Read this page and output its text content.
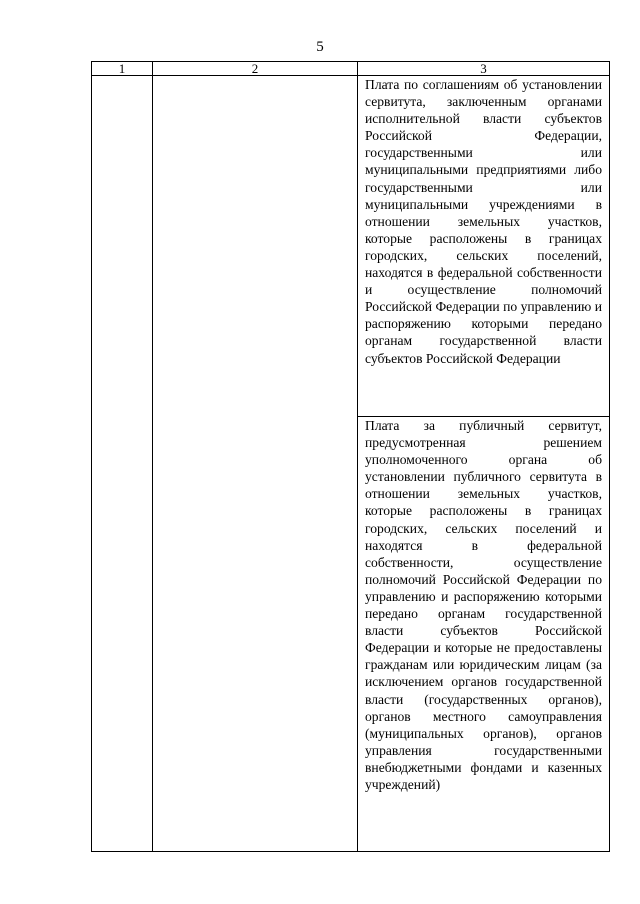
5
1	2	3
		Плата по соглашениям об установлении сервитута, заключенным органами исполнительной власти субъектов Российской Федерации, государственными или муниципальными предприятиями либо государственными или муниципальными учреждениями в отношении земельных участков, которые расположены в границах городских, сельских поселений, находятся в федеральной собственности и осуществление полномочий Российской Федерации по управлению и распоряжению которыми передано органам государственной власти субъектов Российской Федерации
		Плата за публичный сервитут, предусмотренная решением уполномоченного органа об установлении публичного сервитута в отношении земельных участков, которые расположены в границах городских, сельских поселений и находятся в федеральной собственности, осуществление полномочий Российской Федерации по управлению и распоряжению которыми передано органам государственной власти субъектов Российской Федерации и которые не предоставлены гражданам или юридическим лицам (за исключением органов государственной власти (государственных органов), органов местного самоуправления (муниципальных органов), органов управления государственными внебюджетными фондами и казенных учреждений)
